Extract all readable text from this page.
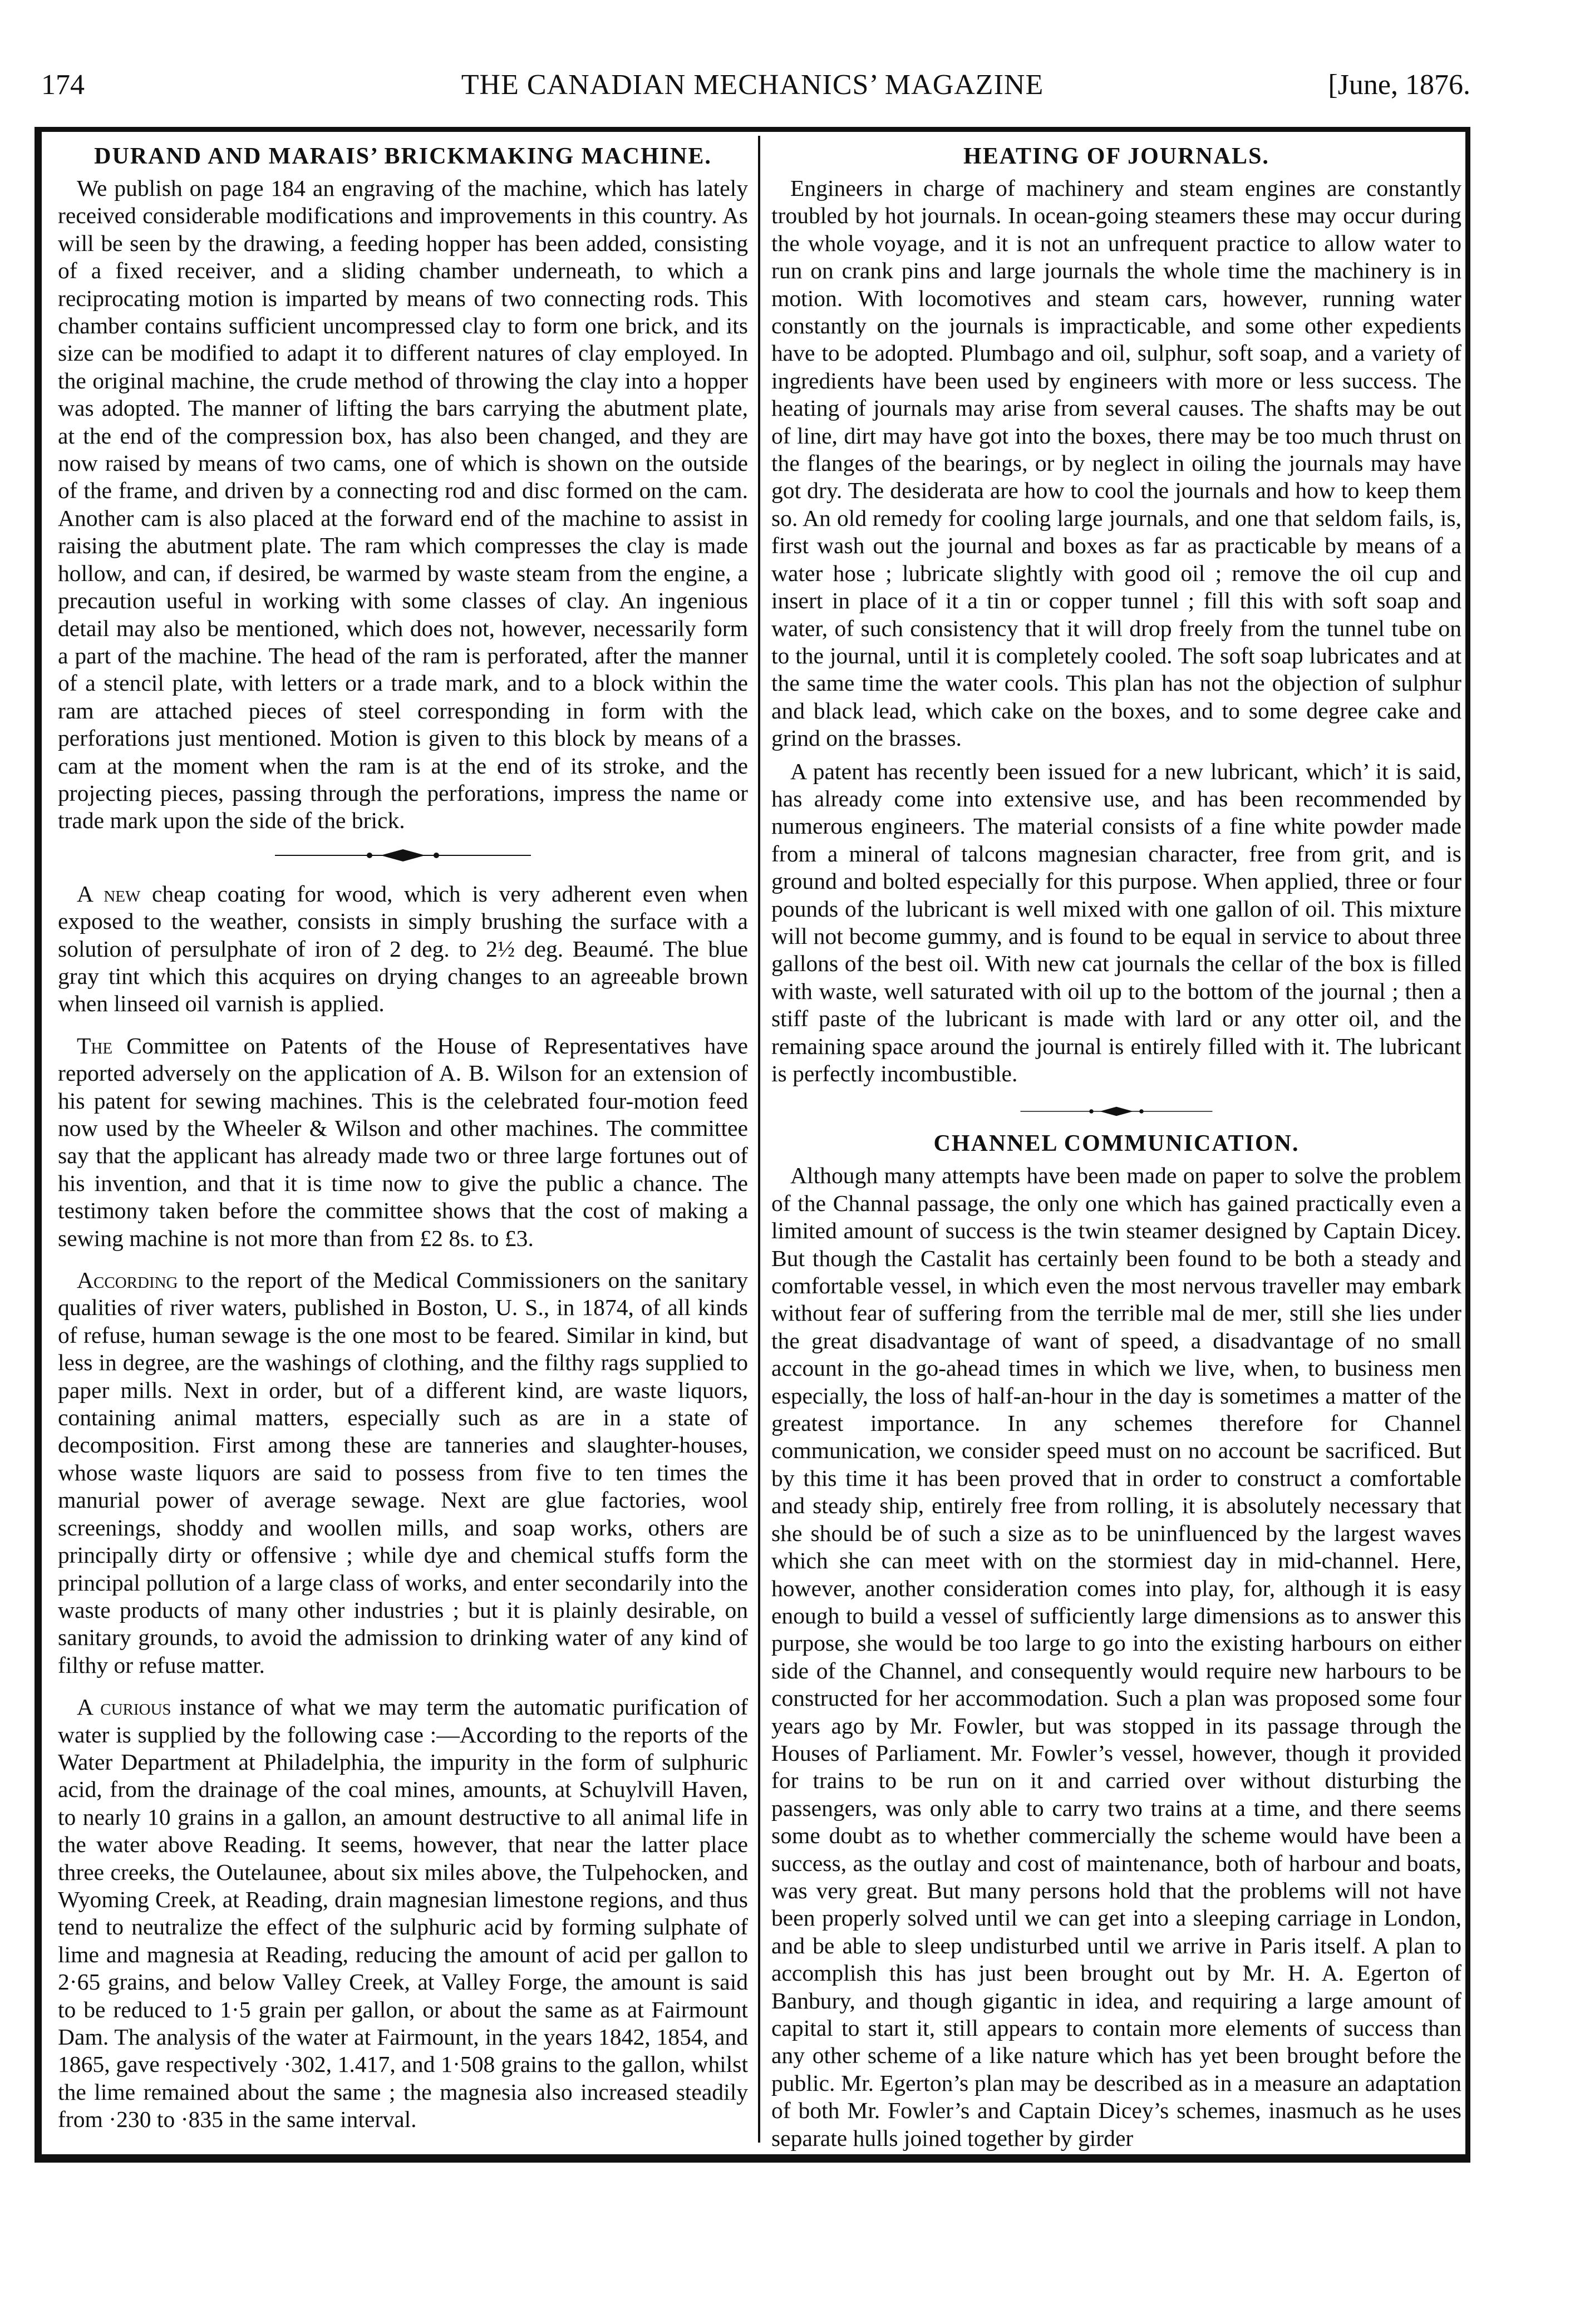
174	THE CANADIAN MECHANICS’ MAGAZINE	[June, 1876.
DURAND AND MARAIS’ BRICKMAKING MACHINE.

We publish on page 184 an engraving of the machine, which has lately received considerable modifications and improvements in this country. As will be seen by the drawing, a feeding hopper has been added, consisting of a fixed receiver, and a sliding chamber underneath, to which a reciprocating motion is imparted by means of two connecting rods. This chamber contains sufficient uncompressed clay to form one brick, and its size can be modified to adapt it to different natures of clay employed. In the original machine, the crude method of throwing the clay into a hopper was adopted. The manner of lifting the bars carrying the abutment plate, at the end of the compression box, has also been changed, and they are now raised by means of two cams, one of which is shown on the outside of the frame, and driven by a connecting rod and disc formed on the cam. Another cam is also placed at the forward end of the machine to assist in raising the abutment plate. The ram which compresses the clay is made hollow, and can, if desired, be warmed by waste steam from the engine, a precaution useful in working with some classes of clay. An ingenious detail may also be mentioned, which does not, however, necessarily form a part of the machine. The head of the ram is perforated, after the manner of a stencil plate, with letters or a trade mark, and to a block within the ram are attached pieces of steel corresponding in form with the perforations just mentioned. Motion is given to this block by means of a cam at the moment when the ram is at the end of its stroke, and the projecting pieces, passing through the perforations, impress the name or trade mark upon the side of the brick.

A new cheap coating for wood, which is very adherent even when exposed to the weather, consists in simply brushing the surface with a solution of persulphate of iron of 2 deg. to 2½ deg. Beaumé. The blue gray tint which this acquires on drying changes to an agreeable brown when linseed oil varnish is applied.

The Committee on Patents of the House of Representatives have reported adversely on the application of A. B. Wilson for an extension of his patent for sewing machines. This is the celebrated four-motion feed now used by the Wheeler & Wilson and other machines. The committee say that the applicant has already made two or three large fortunes out of his invention, and that it is time now to give the public a chance. The testimony taken before the committee shows that the cost of making a sewing machine is not more than from £2 8s. to £3.

According to the report of the Medical Commissioners on the sanitary qualities of river waters, published in Boston, U. S., in 1874, of all kinds of refuse, human sewage is the one most to be feared. Similar in kind, but less in degree, are the washings of clothing, and the filthy rags supplied to paper mills. Next in order, but of a different kind, are waste liquors, containing animal matters, especially such as are in a state of decomposition. First among these are tanneries and slaughter-houses, whose waste liquors are said to possess from five to ten times the manurial power of average sewage. Next are glue factories, wool screenings, shoddy and woollen mills, and soap works, others are principally dirty or offensive ; while dye and chemical stuffs form the principal pollution of a large class of works, and enter secondarily into the waste products of many other industries ; but it is plainly desirable, on sanitary grounds, to avoid the admission to drinking water of any kind of filthy or refuse matter.

A curious instance of what we may term the automatic purification of water is supplied by the following case :—According to the reports of the Water Department at Philadelphia, the impurity in the form of sulphuric acid, from the drainage of the coal mines, amounts, at Schuylvill Haven, to nearly 10 grains in a gallon, an amount destructive to all animal life in the water above Reading. It seems, however, that near the latter place three creeks, the Outelaunee, about six miles above, the Tulpehocken, and Wyoming Creek, at Reading, drain magnesian limestone regions, and thus tend to neutralize the effect of the sulphuric acid by forming sulphate of lime and magnesia at Reading, reducing the amount of acid per gallon to 2·65 grains, and below Valley Creek, at Valley Forge, the amount is said to be reduced to 1·5 grain per gallon, or about the same as at Fairmount Dam. The analysis of the water at Fairmount, in the years 1842, 1854, and 1865, gave respectively ·302, 1.417, and 1·508 grains to the gallon, whilst the lime remained about the same ; the magnesia also increased steadily from ·230 to ·835 in the same interval.

HEATING OF JOURNALS.

Engineers in charge of machinery and steam engines are constantly troubled by hot journals. In ocean-going steamers these may occur during the whole voyage, and it is not an unfrequent practice to allow water to run on crank pins and large journals the whole time the machinery is in motion. With locomotives and steam cars, however, running water constantly on the journals is impracticable, and some other expedients have to be adopted. Plumbago and oil, sulphur, soft soap, and a variety of ingredients have been used by engineers with more or less success. The heating of journals may arise from several causes. The shafts may be out of line, dirt may have got into the boxes, there may be too much thrust on the flanges of the bearings, or by neglect in oiling the journals may have got dry. The desiderata are how to cool the journals and how to keep them so. An old remedy for cooling large journals, and one that seldom fails, is, first wash out the journal and boxes as far as practicable by means of a water hose ; lubricate slightly with good oil ; remove the oil cup and insert in place of it a tin or copper tunnel ; fill this with soft soap and water, of such consistency that it will drop freely from the tunnel tube on to the journal, until it is completely cooled. The soft soap lubricates and at the same time the water cools. This plan has not the objection of sulphur and black lead, which cake on the boxes, and to some degree cake and grind on the brasses.

A patent has recently been issued for a new lubricant, which’ it is said, has already come into extensive use, and has been recommended by numerous engineers. The material consists of a fine white powder made from a mineral of talcons magnesian character, free from grit, and is ground and bolted especially for this purpose. When applied, three or four pounds of the lubricant is well mixed with one gallon of oil. This mixture will not become gummy, and is found to be equal in service to about three gallons of the best oil. With new cat journals the cellar of the box is filled with waste, well saturated with oil up to the bottom of the journal ; then a stiff paste of the lubricant is made with lard or any otter oil, and the remaining space around the journal is entirely filled with it. The lubricant is perfectly incombustible.

CHANNEL COMMUNICATION.

Although many attempts have been made on paper to solve the problem of the Channal passage, the only one which has gained practically even a limited amount of success is the twin steamer designed by Captain Dicey. But though the Castalit has certainly been found to be both a steady and comfortable vessel, in which even the most nervous traveller may embark without fear of suffering from the terrible mal de mer, still she lies under the great disadvantage of want of speed, a disadvantage of no small account in the go-ahead times in which we live, when, to business men especially, the loss of half-an-hour in the day is sometimes a matter of the greatest importance. In any schemes therefore for Channel communication, we consider speed must on no account be sacrificed. But by this time it has been proved that in order to construct a comfortable and steady ship, entirely free from rolling, it is absolutely necessary that she should be of such a size as to be uninfluenced by the largest waves which she can meet with on the stormiest day in mid-channel. Here, however, another consideration comes into play, for, although it is easy enough to build a vessel of sufficiently large dimensions as to answer this purpose, she would be too large to go into the existing harbours on either side of the Channel, and consequently would require new harbours to be constructed for her accommodation. Such a plan was proposed some four years ago by Mr. Fowler, but was stopped in its passage through the Houses of Parliament. Mr. Fowler’s vessel, however, though it provided for trains to be run on it and carried over without disturbing the passengers, was only able to carry two trains at a time, and there seems some doubt as to whether commercially the scheme would have been a success, as the outlay and cost of maintenance, both of harbour and boats, was very great. But many persons hold that the problems will not have been properly solved until we can get into a sleeping carriage in London, and be able to sleep undisturbed until we arrive in Paris itself. A plan to accomplish this has just been brought out by Mr. H. A. Egerton of Banbury, and though gigantic in idea, and requiring a large amount of capital to start it, still appears to contain more elements of success than any other scheme of a like nature which has yet been brought before the public. Mr. Egerton’s plan may be described as in a measure an adaptation of both Mr. Fowler’s and Captain Dicey’s schemes, inasmuch as he uses separate hulls joined together by girder
